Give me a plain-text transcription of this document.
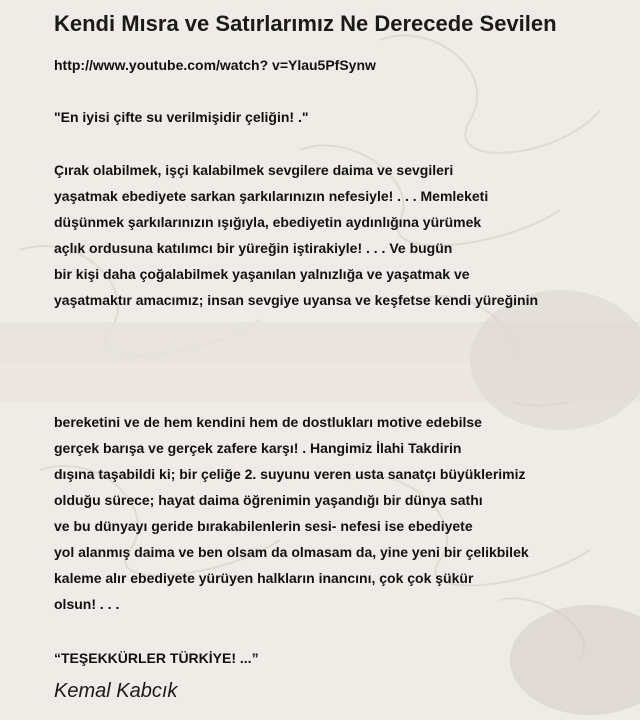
Kendi Mısra ve Satırlarımız Ne Derecede Sevilen
http://www.youtube.com/watch? v=Ylau5PfSynw
"En iyisi çifte su verilmişidir çeliğin! ."
Çırak olabilmek, işçi kalabilmek sevgilere daima ve sevgileri
yaşatmak ebediyete sarkan şarkılarınızın nefesiyle! . . . Memleketi
düşünmek şarkılarınızın ışığıyla, ebediyetin aydınlığına yürümek
açlık ordusuna katılımcı bir yüreğin iştirakiyle! . . . Ve bugün
bir kişi daha çoğalabilmek yaşanılan yalnızlığa ve yaşatmak ve
yaşatmaktır amacımız; insan sevgiye uyansa ve keşfetse kendi yüreğinin
bereketini ve de hem kendini hem de dostlukları motive edebilse
gerçek barışa ve gerçek zafere karşı! . Hangimiz İlahi Takdirin
dışına taşabildi ki; bir çeliğe 2. suyunu veren usta sanatçı büyüklerimiz
olduğu sürece; hayat daima öğrenimin yaşandığı bir dünya sathı
ve bu dünyayı geride bırakabilenlerin sesi- nefesi ise ebediyete
yol alanmış daima ve ben olsam da olmasam da, yine yeni bir çelikbilek
kaleme alır ebediyete yürüyen halkların inancını, çok çok şükür
olsun! . . .
“TEŞEKKÜRLER TÜRKİYE! ...”
Kemal Kabcık
